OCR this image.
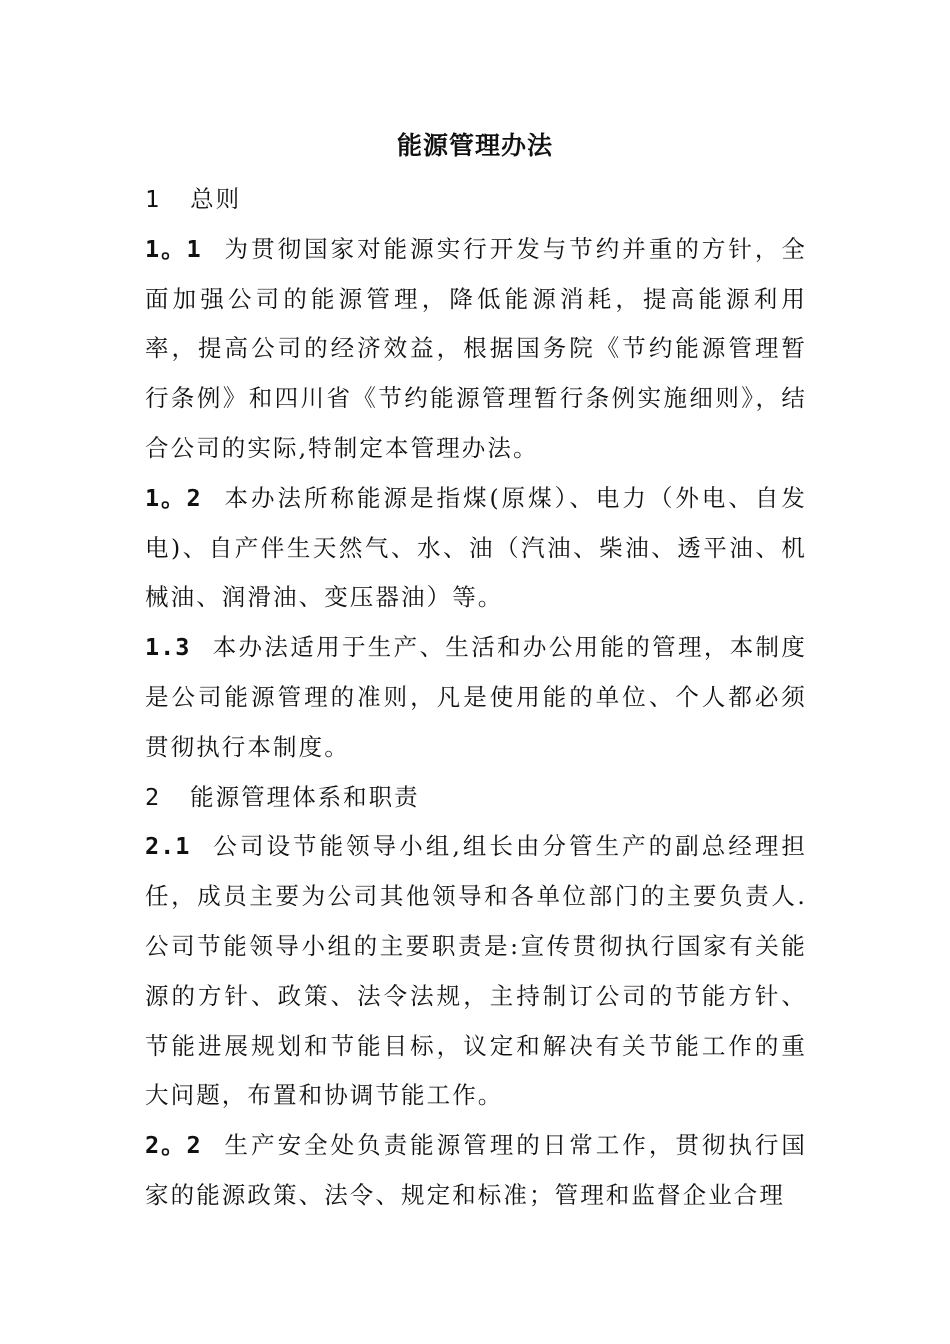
能源管理办法

1 总则

1。1 为贯彻国家对能源实行开发与节约并重的方针，全面加强公司的能源管理，降低能源消耗，提高能源利用率，提高公司的经济效益，根据国务院《节约能源管理暂行条例》和四川省《节约能源管理暂行条例实施细则》，结合公司的实际,特制定本管理办法。

1。2 本办法所称能源是指煤(原煤）、电力（外电、自发电)、自产伴生天然气、水、油（汽油、柴油、透平油、机械油、润滑油、变压器油）等。

1.3 本办法适用于生产、生活和办公用能的管理，本制度是公司能源管理的准则，凡是使用能的单位、个人都必须贯彻执行本制度。

2 能源管理体系和职责

2.1 公司设节能领导小组,组长由分管生产的副总经理担任，成员主要为公司其他领导和各单位部门的主要负责人.公司节能领导小组的主要职责是:宣传贯彻执行国家有关能源的方针、政策、法令法规，主持制订公司的节能方针、节能进展规划和节能目标，议定和解决有关节能工作的重大问题，布置和协调节能工作。

2。2 生产安全处负责能源管理的日常工作，贯彻执行国家的能源政策、法令、规定和标准；管理和监督企业合理
